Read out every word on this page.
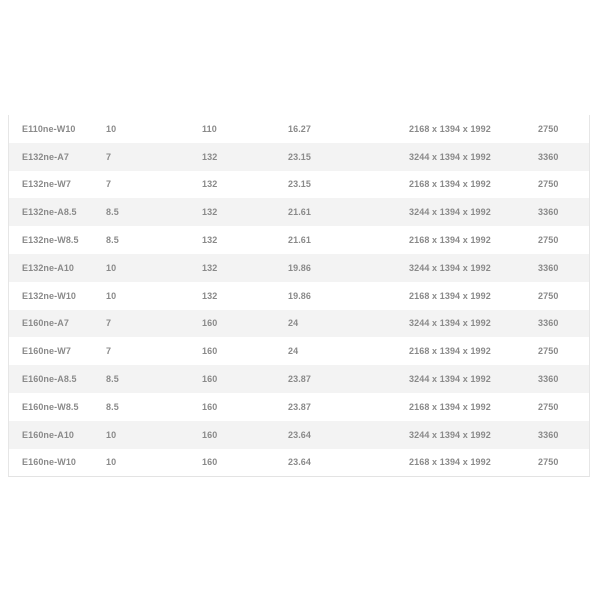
E110ne-W10	10	110	16.27	2168 x 1394 x 1992	2750
E132ne-A7	7	132	23.15	3244 x 1394 x 1992	3360
E132ne-W7	7	132	23.15	2168 x 1394 x 1992	2750
E132ne-A8.5	8.5	132	21.61	3244 x 1394 x 1992	3360
E132ne-W8.5	8.5	132	21.61	2168 x 1394 x 1992	2750
E132ne-A10	10	132	19.86	3244 x 1394 x 1992	3360
E132ne-W10	10	132	19.86	2168 x 1394 x 1992	2750
E160ne-A7	7	160	24	3244 x 1394 x 1992	3360
E160ne-W7	7	160	24	2168 x 1394 x 1992	2750
E160ne-A8.5	8.5	160	23.87	3244 x 1394 x 1992	3360
E160ne-W8.5	8.5	160	23.87	2168 x 1394 x 1992	2750
E160ne-A10	10	160	23.64	3244 x 1394 x 1992	3360
E160ne-W10	10	160	23.64	2168 x 1394 x 1992	2750
